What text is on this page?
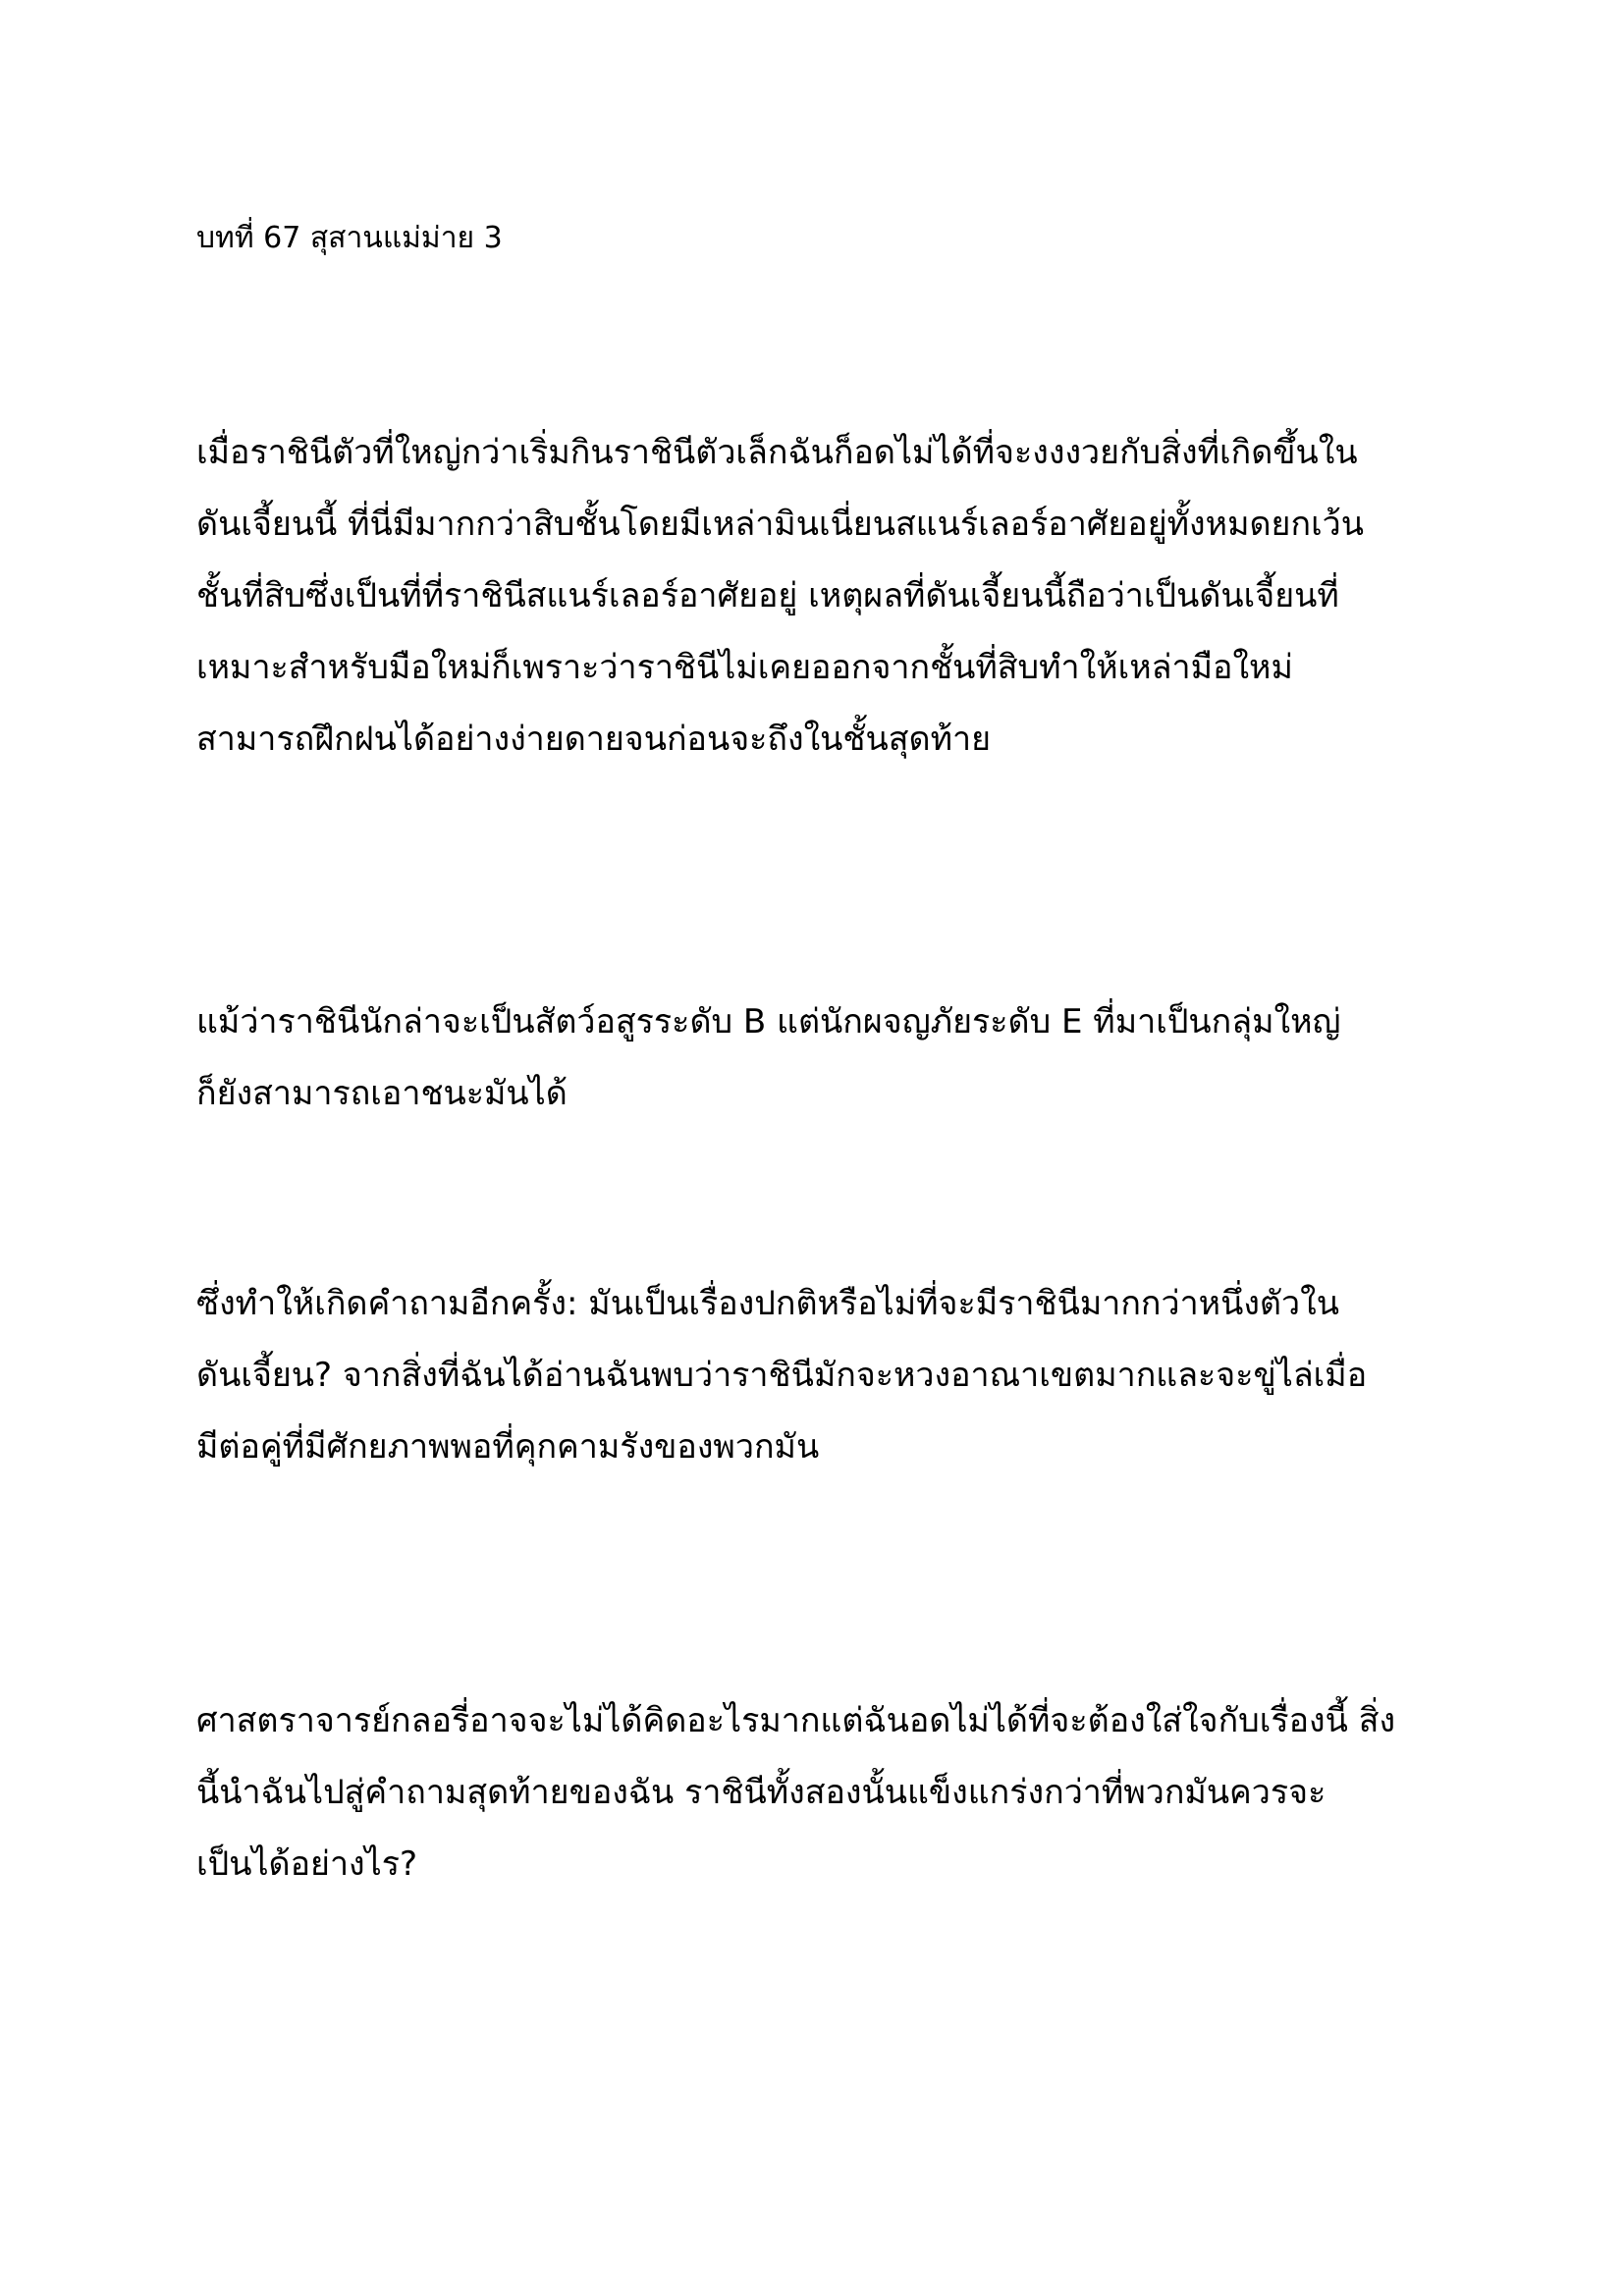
บทที่ 67 สุสานแม่ม่าย 3
เมื่อราชินีตัวที่ใหญ่กว่าเริ่มกินราชินีตัวเล็กฉันก็อดไม่ได้ที่จะงงงวยกับสิ่งที่เกิดขึ้นใน
ดันเจี้ยนนี้ ที่นี่มีมากกว่าสิบชั้นโดยมีเหล่ามินเนี่ยนสแนร์เลอร์อาศัยอยู่ทั้งหมดยกเว้น
ชั้นที่สิบซึ่งเป็นที่ที่ราชินีสแนร์เลอร์อาศัยอยู่ เหตุผลที่ดันเจี้ยนนี้ถือว่าเป็นดันเจี้ยนที่
เหมาะสำหรับมือใหม่ก็เพราะว่าราชินีไม่เคยออกจากชั้นที่สิบทำให้เหล่ามือใหม่
สามารถฝึกฝนได้อย่างง่ายดายจนก่อนจะถึงในชั้นสุดท้าย
แม้ว่าราชินีนักล่าจะเป็นสัตว์อสูรระดับ B แต่นักผจญภัยระดับ E ที่มาเป็นกลุ่มใหญ่
ก็ยังสามารถเอาชนะมันได้
ซึ่งทำให้เกิดคำถามอีกครั้ง: มันเป็นเรื่องปกติหรือไม่ที่จะมีราชินีมากกว่าหนึ่งตัวใน
ดันเจี้ยน? จากสิ่งที่ฉันได้อ่านฉันพบว่าราชินีมักจะหวงอาณาเขตมากและจะขู่ไล่เมื่อ
มีต่อคู่ที่มีศักยภาพพอที่คุกคามรังของพวกมัน
ศาสตราจารย์กลอรี่อาจจะไม่ได้คิดอะไรมากแต่ฉันอดไม่ได้ที่จะต้องใส่ใจกับเรื่องนี้ สิ่ง
นี้นำฉันไปสู่คำถามสุดท้ายของฉัน ราชินีทั้งสองนั้นแข็งแกร่งกว่าที่พวกมันควรจะ
เป็นได้อย่างไร?
